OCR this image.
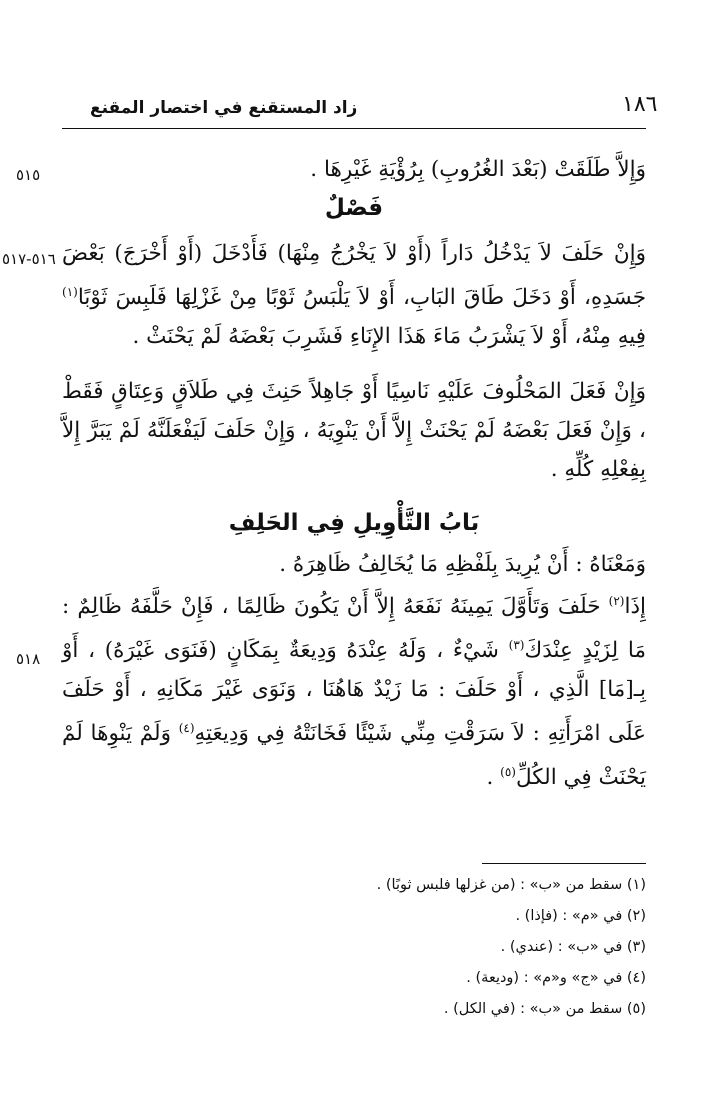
١٨٦
زاد المستقنع في اختصار المقنع
٥١٥
٥١٦-٥١٧
٥١٨

وَإِلاَّ طَلَقَتْ (بَعْدَ الغُرُوبِ) بِرُؤْيَةِ غَيْرِهَا .

فَصْلٌ

وَإِنْ حَلَفَ لاَ يَدْخُلُ دَاراً (أَوْ لاَ يَخْرُجُ مِنْهَا) فَأَدْخَلَ (أَوْ أَخْرَجَ) بَعْضَ جَسَدِهِ، أَوْ دَخَلَ طَاقَ البَابِ، أَوْ لاَ يَلْبَسُ ثَوْبًا مِنْ غَزْلِهَا فَلَبِسَ ثَوْبًا$^{(١)}$ فِيهِ مِنْهُ، أَوْ لاَ يَشْرَبُ مَاءَ هَذَا الإِنَاءِ فَشَرِبَ بَعْضَهُ لَمْ يَحْنَثْ .

وَإِنْ فَعَلَ المَحْلُوفَ عَلَيْهِ نَاسِيًا أَوْ جَاهِلاً حَنِثَ فِي طَلاَقٍ وَعِتَاقٍ فَقَطْ ، وَإِنْ فَعَلَ بَعْضَهُ لَمْ يَحْنَثْ إِلاَّ أَنْ يَنْوِيَهُ ، وَإِنْ حَلَفَ لَيَفْعَلَنَّهُ لَمْ يَبَرَّ إِلاَّ بِفِعْلِهِ كُلِّهِ .

بَابُ التَّأْوِيلِ فِي الحَلِفِ

وَمَعْنَاهُ : أَنْ يُرِيدَ بِلَفْظِهِ مَا يُخَالِفُ ظَاهِرَهُ .

إِذَا$^{(٢)}$ حَلَفَ وَتَأَوَّلَ يَمِينَهُ نَفَعَهُ إِلاَّ أَنْ يَكُونَ ظَالِمًا ، فَإِنْ حَلَّفَهُ ظَالِمٌ : مَا لِزَيْدٍ عِنْدَكَ$^{(٣)}$ شَيْءٌ ، وَلَهُ عِنْدَهُ وَدِيعَةٌ بِمَكَانٍ (فَنَوَى غَيْرَهُ) ، أَوْ بِـ[مَا] الَّذِي ، أَوْ حَلَفَ : مَا زَيْدٌ هَاهُنَا ، وَنَوَى غَيْرَ مَكَانِهِ ، أَوْ حَلَفَ عَلَى امْرَأَتِهِ : لاَ سَرَقْتِ مِنِّي شَيْئًا فَخَانَتْهُ فِي وَدِيعَتِهِ$^{(٤)}$ وَلَمْ يَنْوِهَا لَمْ يَحْنَثْ فِي الكُلِّ$^{(٥)}$ .

(١) سقط من «ب» : (من غزلها فلبس ثوبًا) .
(٢) في «م» : (فإذا) .
(٣) في «ب» : (عندي) .
(٤) في «ج» و«م» : (وديعة) .
(٥) سقط من «ب» : (في الكل) .
